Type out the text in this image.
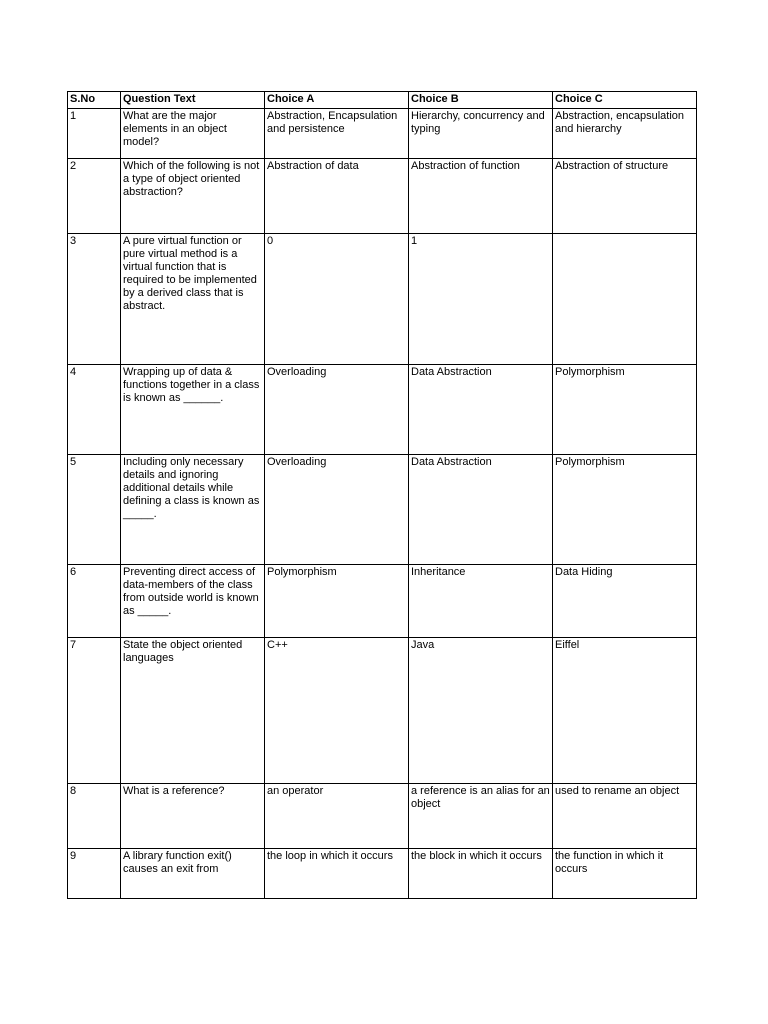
S.No	Question Text	Choice A	Choice B	Choice C
1	What are the major elements in an object model?	Abstraction, Encapsulation and persistence	Hierarchy, concurrency and typing	Abstraction, encapsulation and hierarchy
2	Which of the following is not a type of object oriented abstraction?	Abstraction of data	Abstraction of function	Abstraction of structure
3	A pure virtual function or pure virtual method is a virtual function that is required to be implemented by a derived class that is abstract.	0	1	
4	Wrapping up of data & functions together in a class is known as ______.	Overloading	Data Abstraction	Polymorphism
5	Including only necessary details and ignoring additional details while defining a class is known as _____.	Overloading	Data Abstraction	Polymorphism
6	Preventing direct access of data-members of the class from outside world is known as _____.	Polymorphism	Inheritance	Data Hiding
7	State the object oriented languages	C++	Java	Eiffel
8	What is a reference?	an operator	a reference is an alias for an object	used to rename an object
9	A library function exit() causes an exit from	the loop in which it occurs	the block in which it occurs	the function in which it occurs
